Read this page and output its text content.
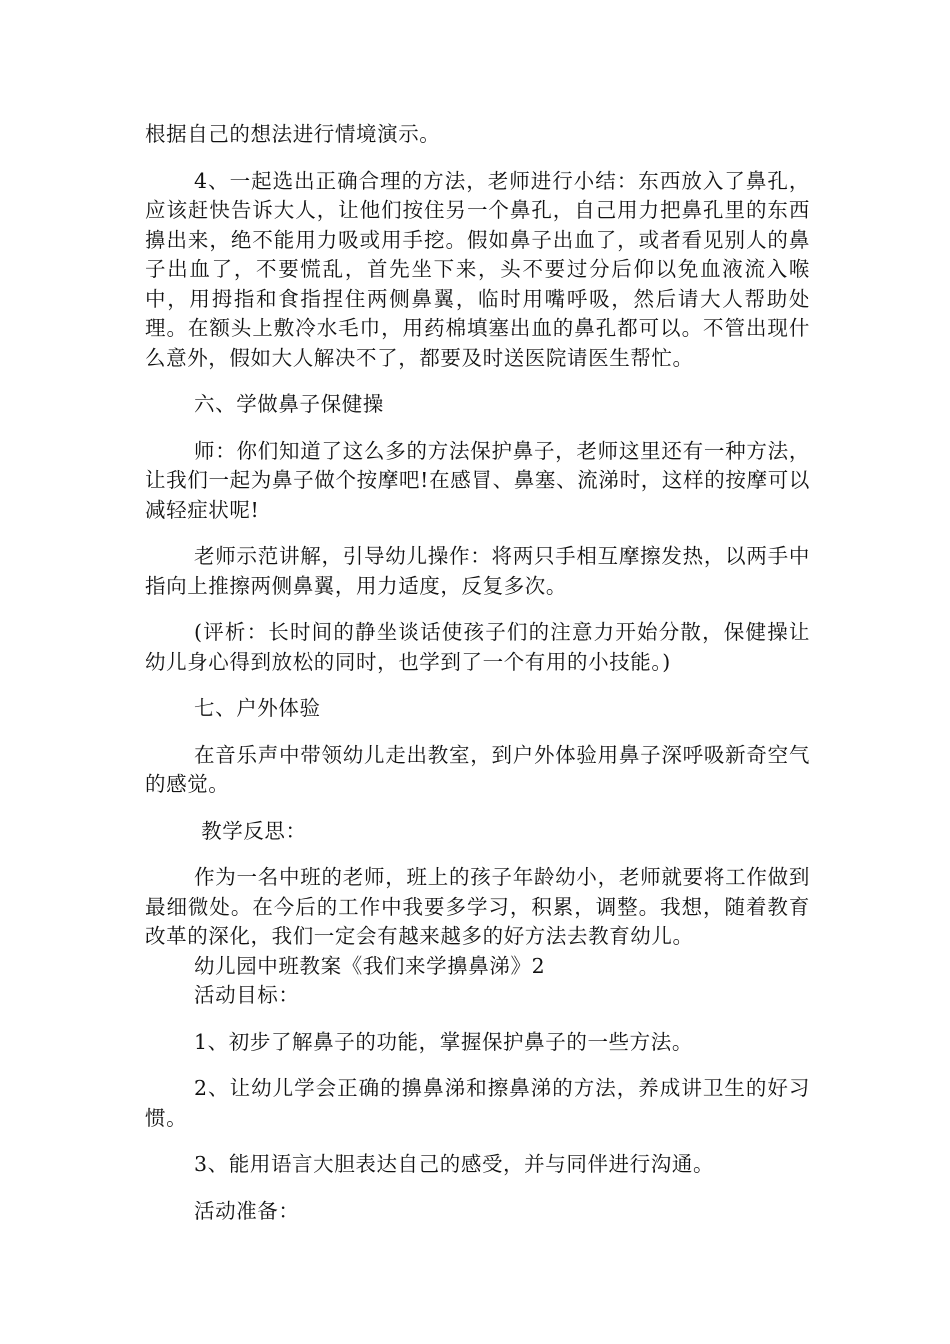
根据自己的想法进行情境演示。

4、一起选出正确合理的方法，老师进行小结：东西放入了鼻孔，应该赶快告诉大人，让他们按住另一个鼻孔，自己用力把鼻孔里的东西擤出来，绝不能用力吸或用手挖。假如鼻子出血了，或者看见别人的鼻子出血了，不要慌乱，首先坐下来，头不要过分后仰以免血液流入喉中，用拇指和食指捏住两侧鼻翼，临时用嘴呼吸，然后请大人帮助处理。在额头上敷冷水毛巾，用药棉填塞出血的鼻孔都可以。不管出现什么意外，假如大人解决不了，都要及时送医院请医生帮忙。

六、学做鼻子保健操

师：你们知道了这么多的方法保护鼻子，老师这里还有一种方法，让我们一起为鼻子做个按摩吧!在感冒、鼻塞、流涕时，这样的按摩可以减轻症状呢!

老师示范讲解，引导幼儿操作：将两只手相互摩擦发热，以两手中指向上推擦两侧鼻翼，用力适度，反复多次。

(评析：长时间的静坐谈话使孩子们的注意力开始分散，保健操让幼儿身心得到放松的同时，也学到了一个有用的小技能。)

七、户外体验

在音乐声中带领幼儿走出教室，到户外体验用鼻子深呼吸新奇空气的感觉。

教学反思：

作为一名中班的老师，班上的孩子年龄幼小，老师就要将工作做到最细微处。在今后的工作中我要多学习，积累，调整。我想，随着教育改革的深化，我们一定会有越来越多的好方法去教育幼儿。

幼儿园中班教案《我们来学擤鼻涕》2

活动目标：

1、初步了解鼻子的功能，掌握保护鼻子的一些方法。

2、让幼儿学会正确的擤鼻涕和擦鼻涕的方法，养成讲卫生的好习惯。

3、能用语言大胆表达自己的感受，并与同伴进行沟通。

活动准备：
